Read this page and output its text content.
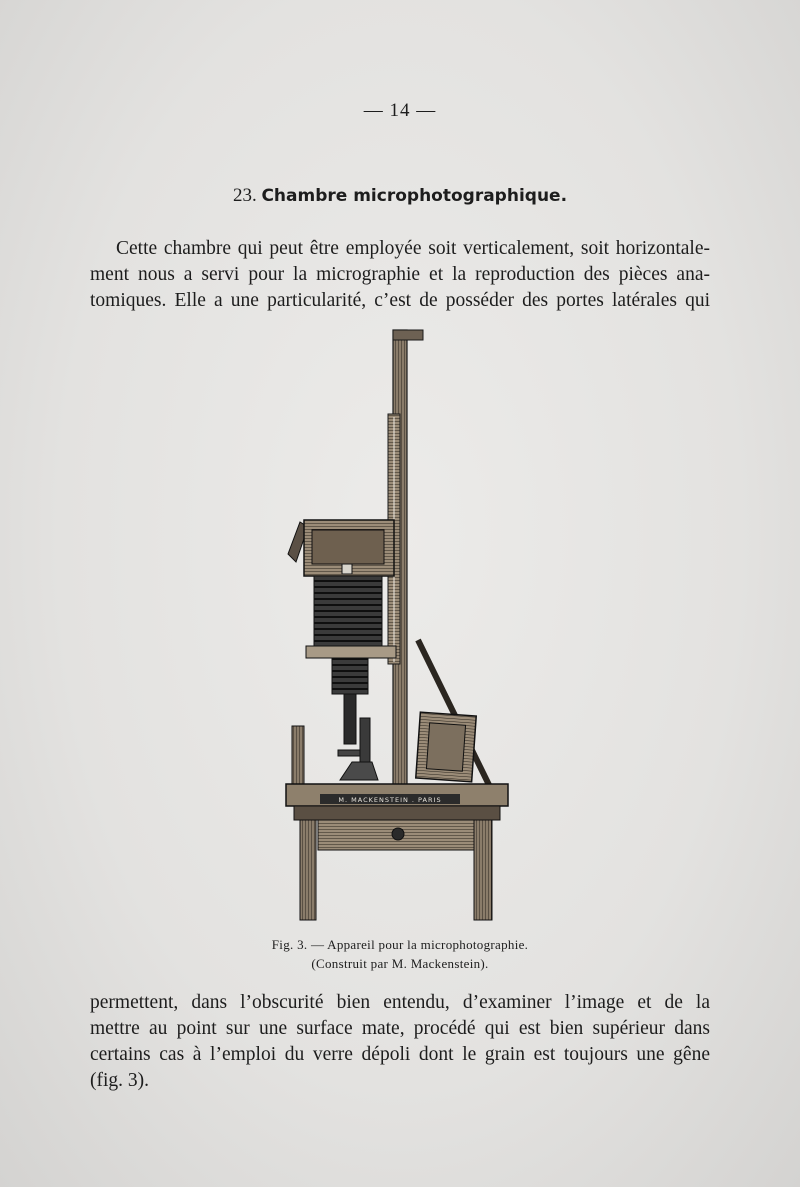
— 14 —
23. Chambre microphotographique.
Cette chambre qui peut être employée soit verticalement, soit horizontale-
ment nous a servi pour la micrographie et la reproduction des pièces ana-
tomiques. Elle a une particularité, c’est de posséder des portes latérales qui
M. MACKENSTEIN . PARIS
Fig. 3. — Appareil pour la microphotographie.
(Construit par M. Mackenstein).
permettent, dans l’obscurité bien entendu, d’examiner l’image et de la
mettre au point sur une surface mate, procédé qui est bien supérieur dans
certains cas à l’emploi du verre dépoli dont le grain est toujours une gêne
(fig. 3).
